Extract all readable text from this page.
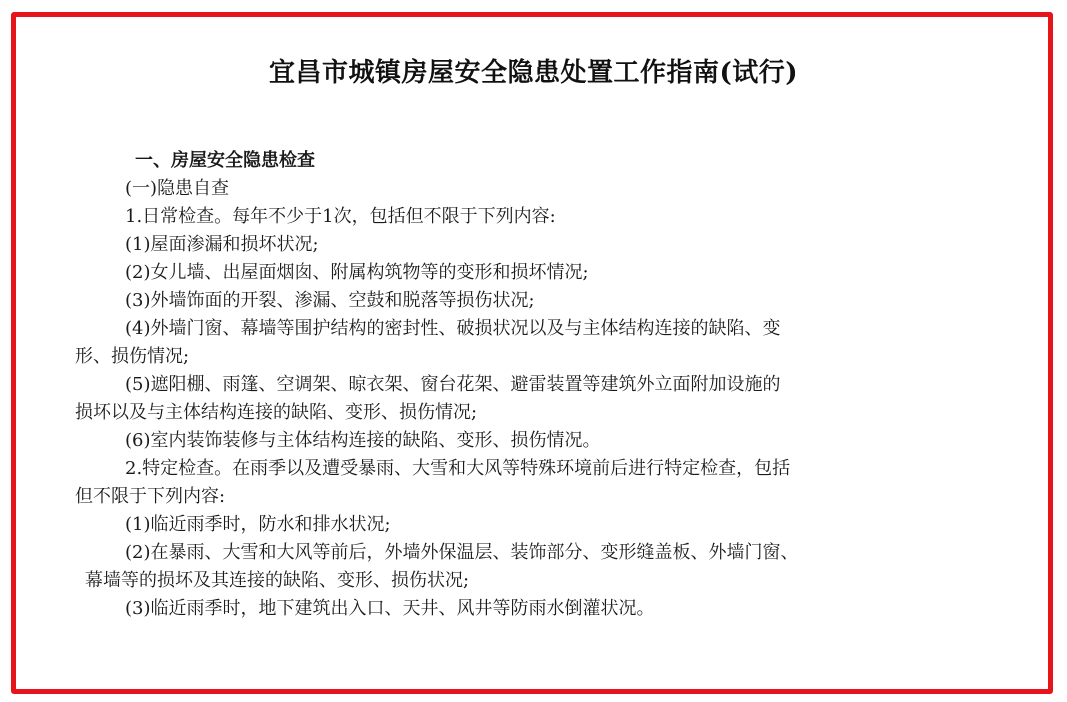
宜昌市城镇房屋安全隐患处置工作指南(试行)
一、房屋安全隐患检查
(一)隐患自查
1.日常检查。每年不少于1次，包括但不限于下列内容:
(1)屋面渗漏和损坏状况;
(2)女儿墙、出屋面烟囱、附属构筑物等的变形和损坏情况;
(3)外墙饰面的开裂、渗漏、空鼓和脱落等损伤状况;
(4)外墙门窗、幕墙等围护结构的密封性、破损状况以及与主体结构连接的缺陷、变
形、损伤情况;
(5)遮阳棚、雨篷、空调架、晾衣架、窗台花架、避雷装置等建筑外立面附加设施的
损坏以及与主体结构连接的缺陷、变形、损伤情况;
(6)室内装饰装修与主体结构连接的缺陷、变形、损伤情况。
2.特定检查。在雨季以及遭受暴雨、大雪和大风等特殊环境前后进行特定检查，包括
但不限于下列内容:
(1)临近雨季时，防水和排水状况;
(2)在暴雨、大雪和大风等前后，外墙外保温层、装饰部分、变形缝盖板、外墙门窗、
幕墙等的损坏及其连接的缺陷、变形、损伤状况;
(3)临近雨季时，地下建筑出入口、天井、风井等防雨水倒灌状况。
